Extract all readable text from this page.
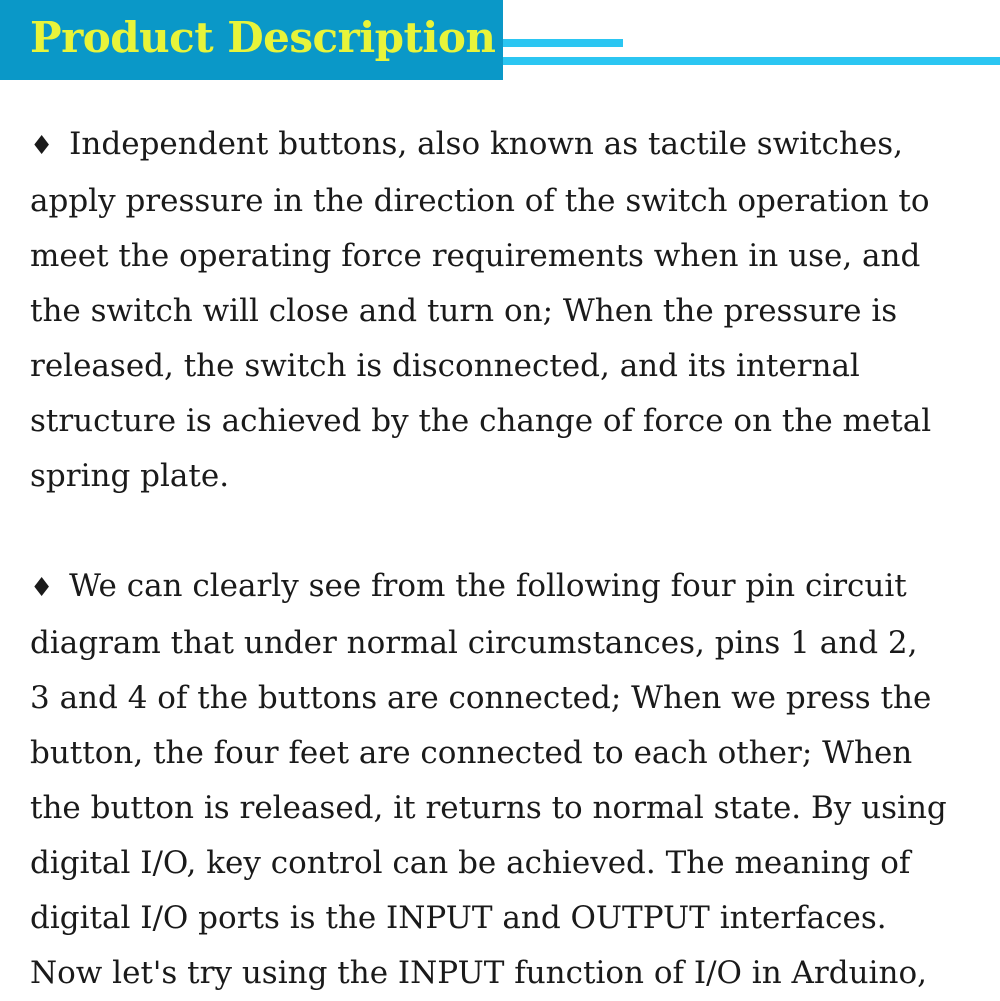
Product Description

♦ Independent buttons, also known as tactile switches,
apply pressure in the direction of the switch operation to
meet the operating force requirements when in use, and
the switch will close and turn on; When the pressure is
released, the switch is disconnected, and its internal
structure is achieved by the change of force on the metal
spring plate.

♦ We can clearly see from the following four pin circuit
diagram that under normal circumstances, pins 1 and 2,
3 and 4 of the buttons are connected; When we press the
button, the four feet are connected to each other; When
the button is released, it returns to normal state. By using
digital I/O, key control can be achieved. The meaning of
digital I/O ports is the INPUT and OUTPUT interfaces.
Now let's try using the INPUT function of I/O in Arduino,
